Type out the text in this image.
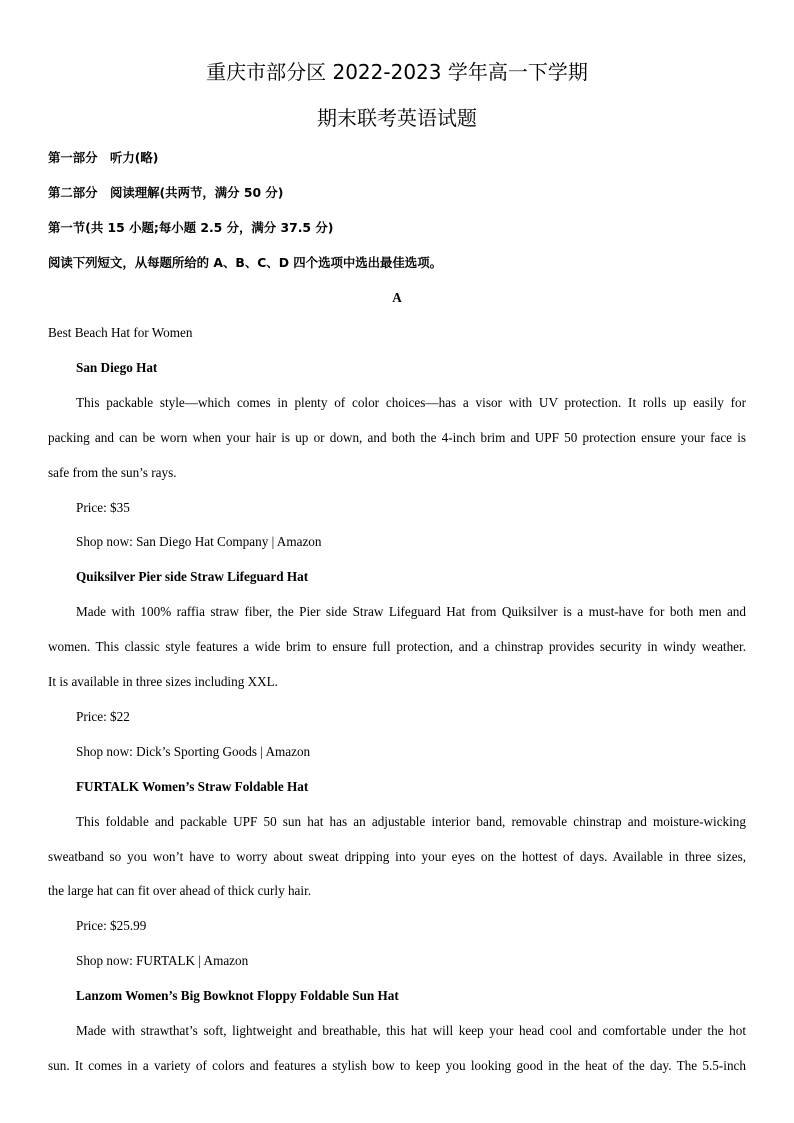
重庆市部分区 2022-2023 学年高一下学期
期末联考英语试题
第一部分　听力(略)
第二部分　阅读理解(共两节，满分 50 分)
第一节(共 15 小题;每小题 2.5 分，满分 37.5 分)
阅读下列短文，从每题所给的 A、B、C、D 四个选项中选出最佳选项。
A
Best Beach Hat for Women
San Diego Hat
This packable style—which comes in plenty of color choices—has a visor with UV protection. It rolls up easily for
packing and can be worn when your hair is up or down, and both the 4-inch brim and UPF 50 protection ensure your face is
safe from the sun’s rays.
Price: $35
Shop now: San Diego Hat Company | Amazon
Quiksilver Pier side Straw Lifeguard Hat
Made with 100% raffia straw fiber, the Pier side Straw Lifeguard Hat from Quiksilver is a must-have for both men and
women. This classic style features a wide brim to ensure full protection, and a chinstrap provides security in windy weather.
It is available in three sizes including XXL.
Price: $22
Shop now: Dick’s Sporting Goods | Amazon
FURTALK Women’s Straw Foldable Hat
This foldable and packable UPF 50 sun hat has an adjustable interior band, removable chinstrap and moisture-wicking
sweatband so you won’t have to worry about sweat dripping into your eyes on the hottest of days. Available in three sizes,
the large hat can fit over ahead of thick curly hair.
Price: $25.99
Shop now: FURTALK | Amazon
Lanzom Women’s Big Bowknot Floppy Foldable Sun Hat
Made with strawthat’s soft, lightweight and breathable, this hat will keep your head cool and comfortable under the hot
sun. It comes in a variety of colors and features a stylish bow to keep you looking good in the heat of the day. The 5.5-inch
